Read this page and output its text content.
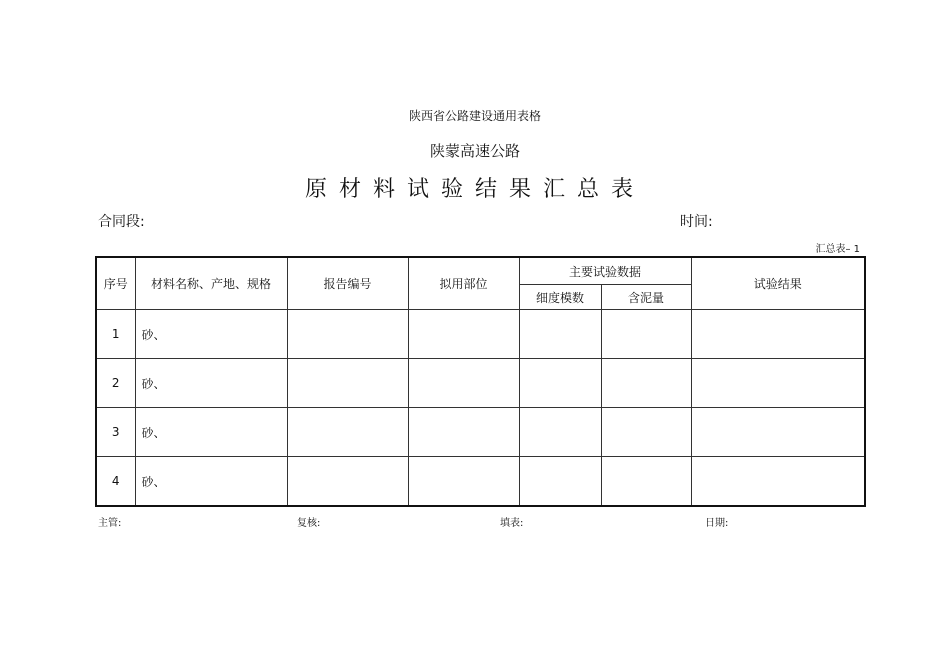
陕西省公路建设通用表格
陕蒙高速公路
原材料试验结果汇总表
合同段:	时间:
汇总表– 1
序号	材料名称、产地、规格	报告编号	拟用部位	主要试验数据		试验结果
				细度模数	含泥量	
1	砂、					
2	砂、					
3	砂、					
4	砂、					
主管:	复核:	填表:	日期:
